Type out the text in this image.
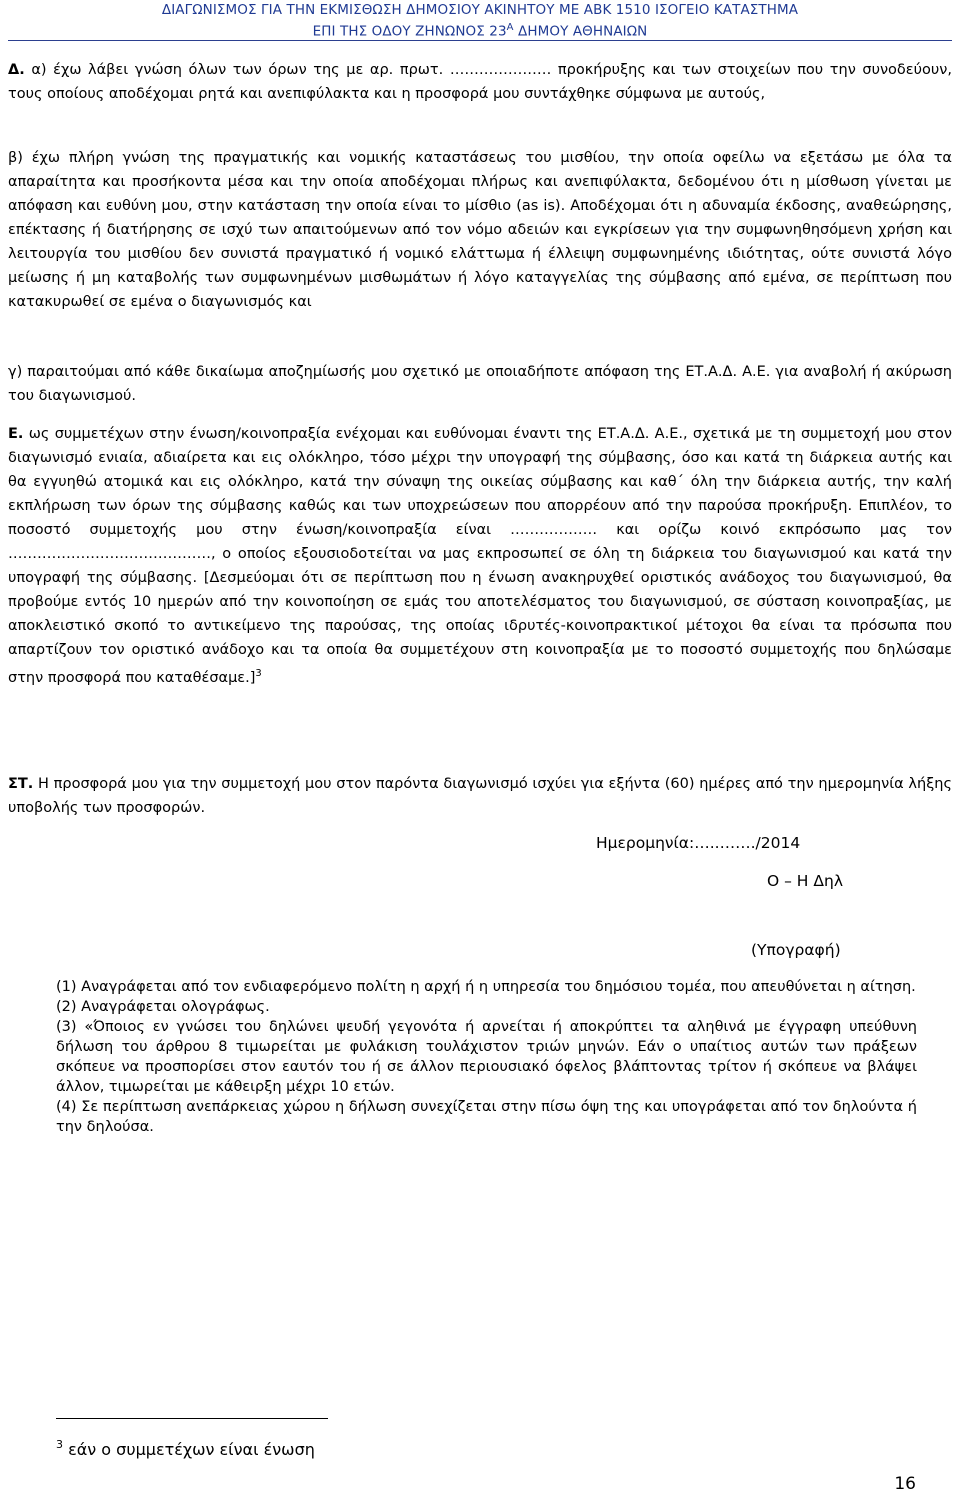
ΔΙΑΓΩΝΙΣΜΟΣ ΓΙΑ ΤΗΝ ΕΚΜΙΣΘΩΣΗ ΔΗΜΟΣΙΟΥ ΑΚΙΝΗΤΟΥ ΜΕ ΑΒΚ 1510 ΙΣΟΓΕΙΟ ΚΑΤΑΣΤΗΜΑ
ΕΠΙ ΤΗΣ ΟΔΟΥ ΖΗΝΩΝΟΣ $23^A$ ΔΗΜΟΥ ΑΘΗΝΑΙΩΝ

Δ. α) έχω λάβει γνώση όλων των όρων της με αρ. πρωτ. ………………… προκήρυξης και των στοιχείων που την συνοδεύουν, τους οποίους αποδέχομαι ρητά και ανεπιφύλακτα και η προσφορά μου συντάχθηκε σύμφωνα με αυτούς,

β) έχω πλήρη γνώση της πραγματικής και νομικής καταστάσεως του μισθίου, την οποία οφείλω να εξετάσω με όλα τα απαραίτητα και προσήκοντα μέσα και την οποία αποδέχομαι πλήρως και ανεπιφύλακτα, δεδομένου ότι η μίσθωση γίνεται με απόφαση και ευθύνη μου, στην κατάσταση την οποία είναι το μίσθιο (as is). Αποδέχομαι ότι η αδυναμία έκδοσης, αναθεώρησης, επέκτασης ή διατήρησης σε ισχύ των απαιτούμενων από τον νόμο αδειών και εγκρίσεων για την συμφωνηθησόμενη χρήση και λειτουργία του μισθίου δεν συνιστά πραγματικό ή νομικό ελάττωμα ή έλλειψη συμφωνημένης ιδιότητας, ούτε συνιστά λόγο μείωσης ή μη καταβολής των συμφωνημένων μισθωμάτων ή λόγο καταγγελίας της σύμβασης από εμένα, σε περίπτωση που κατακυρωθεί σε εμένα ο διαγωνισμός και

γ) παραιτούμαι από κάθε δικαίωμα αποζημίωσής μου σχετικό με οποιαδήποτε απόφαση της ΕΤ.Α.Δ. Α.Ε. για αναβολή ή ακύρωση του διαγωνισμού.

Ε. ως συμμετέχων στην ένωση/κοινοπραξία ενέχομαι και ευθύνομαι έναντι της ΕΤ.Α.Δ. Α.Ε., σχετικά με τη συμμετοχή μου στον διαγωνισμό ενιαία, αδιαίρετα και εις ολόκληρο, τόσο μέχρι την υπογραφή της σύμβασης, όσο και κατά τη διάρκεια αυτής και θα εγγυηθώ ατομικά και εις ολόκληρο, κατά την σύναψη της οικείας σύμβασης και καθ΄ όλη την διάρκεια αυτής, την καλή εκπλήρωση των όρων της σύμβασης καθώς και των υποχρεώσεων που απορρέουν από την παρούσα προκήρυξη. Επιπλέον, το ποσοστό συμμετοχής μου στην ένωση/κοινοπραξία είναι ……………… και ορίζω κοινό εκπρόσωπο μας τον ……………………………………, ο οποίος εξουσιοδοτείται να μας εκπροσωπεί σε όλη τη διάρκεια του διαγωνισμού και κατά την υπογραφή της σύμβασης. [Δεσμεύομαι ότι σε περίπτωση που η ένωση ανακηρυχθεί οριστικός ανάδοχος του διαγωνισμού, θα προβούμε εντός 10 ημερών από την κοινοποίηση σε εμάς του αποτελέσματος του διαγωνισμού, σε σύσταση κοινοπραξίας, με αποκλειστικό σκοπό το αντικείμενο της παρούσας, της οποίας ιδρυτές-κοινοπρακτικοί μέτοχοι θα είναι τα πρόσωπα που απαρτίζουν τον οριστικό ανάδοχο και τα οποία θα συμμετέχουν στη κοινοπραξία με το ποσοστό συμμετοχής που δηλώσαμε στην προσφορά που καταθέσαμε.]$^3$

ΣΤ. Η προσφορά μου για την συμμετοχή μου στον παρόντα διαγωνισμό ισχύει για εξήντα (60) ημέρες από την ημερομηνία λήξης υποβολής των προσφορών.

Ημερομηνία:…..……./2014
Ο – Η Δηλ
(Υπογραφή)

(1) Αναγράφεται από τον ενδιαφερόμενο πολίτη η αρχή ή η υπηρεσία του δημόσιου τομέα, που απευθύνεται η αίτηση.

(2) Αναγράφεται ολογράφως.

(3) «Όποιος εν γνώσει του δηλώνει ψευδή γεγονότα ή αρνείται ή αποκρύπτει τα αληθινά με έγγραφη υπεύθυνη δήλωση του άρθρου 8 τιμωρείται με φυλάκιση τουλάχιστον τριών μηνών. Εάν ο υπαίτιος αυτών των πράξεων σκόπευε να προσπορίσει στον εαυτόν του ή σε άλλον περιουσιακό όφελος βλάπτοντας τρίτον ή σκόπευε να βλάψει άλλον, τιμωρείται με κάθειρξη μέχρι 10 ετών.

(4) Σε περίπτωση ανεπάρκειας χώρου η δήλωση συνεχίζεται στην πίσω όψη της και υπογράφεται από τον δηλούντα ή την δηλούσα.

$^3$ εάν ο συμμετέχων είναι ένωση
16
